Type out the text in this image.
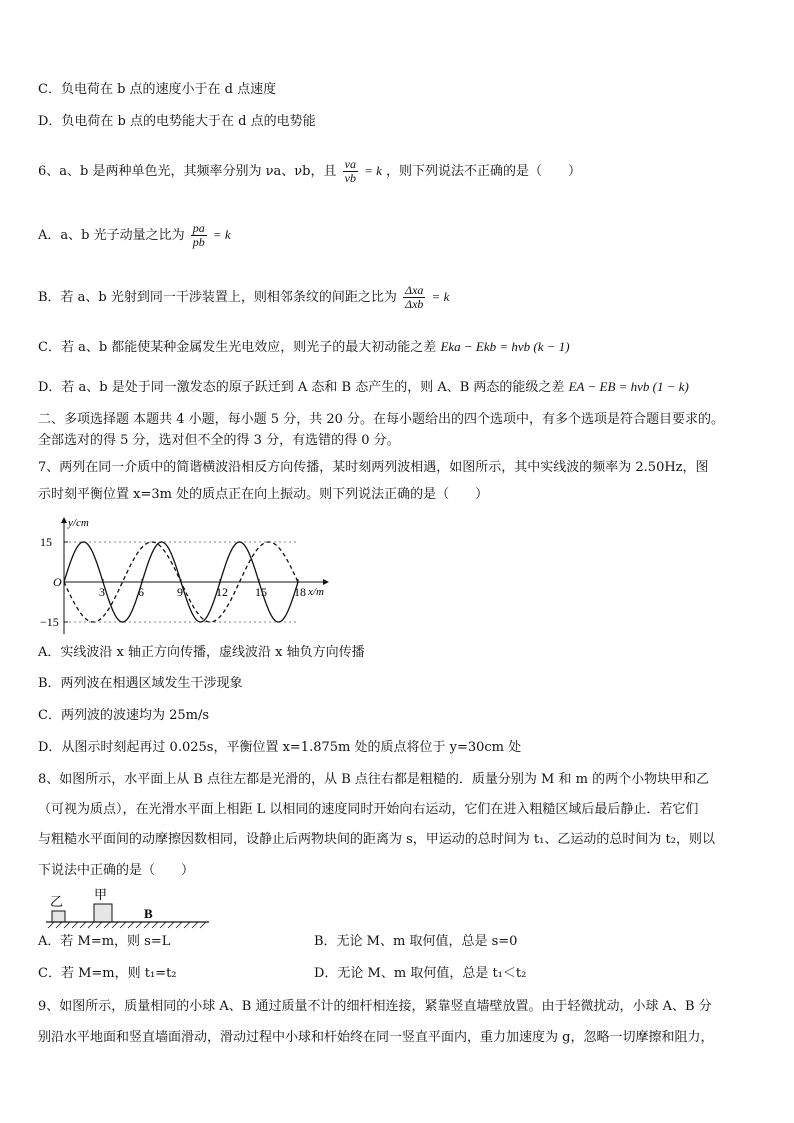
C．负电荷在 b 点的速度小于在 d 点速度
D．负电荷在 b 点的电势能大于在 d 点的电势能
6、a、b 是两种单色光，其频率分别为 νa、νb，且 $\frac{\nu a}{\nu b} = k$ ，则下列说法不正确的是（　　）
A．a、b 光子动量之比为 $\frac{pa}{pb} = k$
B．若 a、b 光射到同一干涉装置上，则相邻条纹的间距之比为 $\frac{\text{Δxa}}{\text{Δxb}} = k$
C．若 a、b 都能使某种金属发生光电效应，则光子的最大初动能之差 Eka − Ekb = hνb (k − 1)
D．若 a、b 是处于同一激发态的原子跃迁到 A 态和 B 态产生的，则 A、B 两态的能级之差 EA − EB = hνb (1 − k)
二、多项选择题 本题共 4 小题，每小题 5 分，共 20 分。在每小题给出的四个选项中，有多个选项是符合题目要求的。
全部选对的得 5 分，选对但不全的得 3 分，有选错的得 0 分。
7、两列在同一介质中的简谐横波沿相反方向传播，某时刻两列波相遇，如图所示，其中实线波的频率为 2.50Hz，图
示时刻平衡位置 x=3m 处的质点正在向上振动。则下列说法正确的是（　　）
y/cm
x/m
O
15
−15
3	6	9	12 15 18
A．实线波沿 x 轴正方向传播，虚线波沿 x 轴负方向传播
B．两列波在相遇区域发生干涉现象
C．两列波的波速均为 25m/s
D．从图示时刻起再过 0.025s，平衡位置 x=1.875m 处的质点将位于 y=30cm 处
8、如图所示，水平面上从 B 点往左都是光滑的，从 B 点往右都是粗糙的．质量分别为 M 和 m 的两个小物块甲和乙
（可视为质点），在光滑水平面上相距 L 以相同的速度同时开始向右运动，它们在进入粗糙区域后最后静止．若它们
与粗糙水平面间的动摩擦因数相同，设静止后两物块间的距离为 s，甲运动的总时间为 t₁、乙运动的总时间为 t₂，则以
下说法中正确的是（　　）
乙 甲
B
A．若 M=m，则 s=L	B．无论 M、m 取何值，总是 s=0
C．若 M=m，则 t₁=t₂	D．无论 M、m 取何值，总是 t₁＜t₂
9、如图所示，质量相同的小球 A、B 通过质量不计的细杆相连接，紧靠竖直墙壁放置。由于轻微扰动，小球 A、B 分
别沿水平地面和竖直墙面滑动，滑动过程中小球和杆始终在同一竖直平面内，重力加速度为 g，忽略一切摩擦和阻力，
